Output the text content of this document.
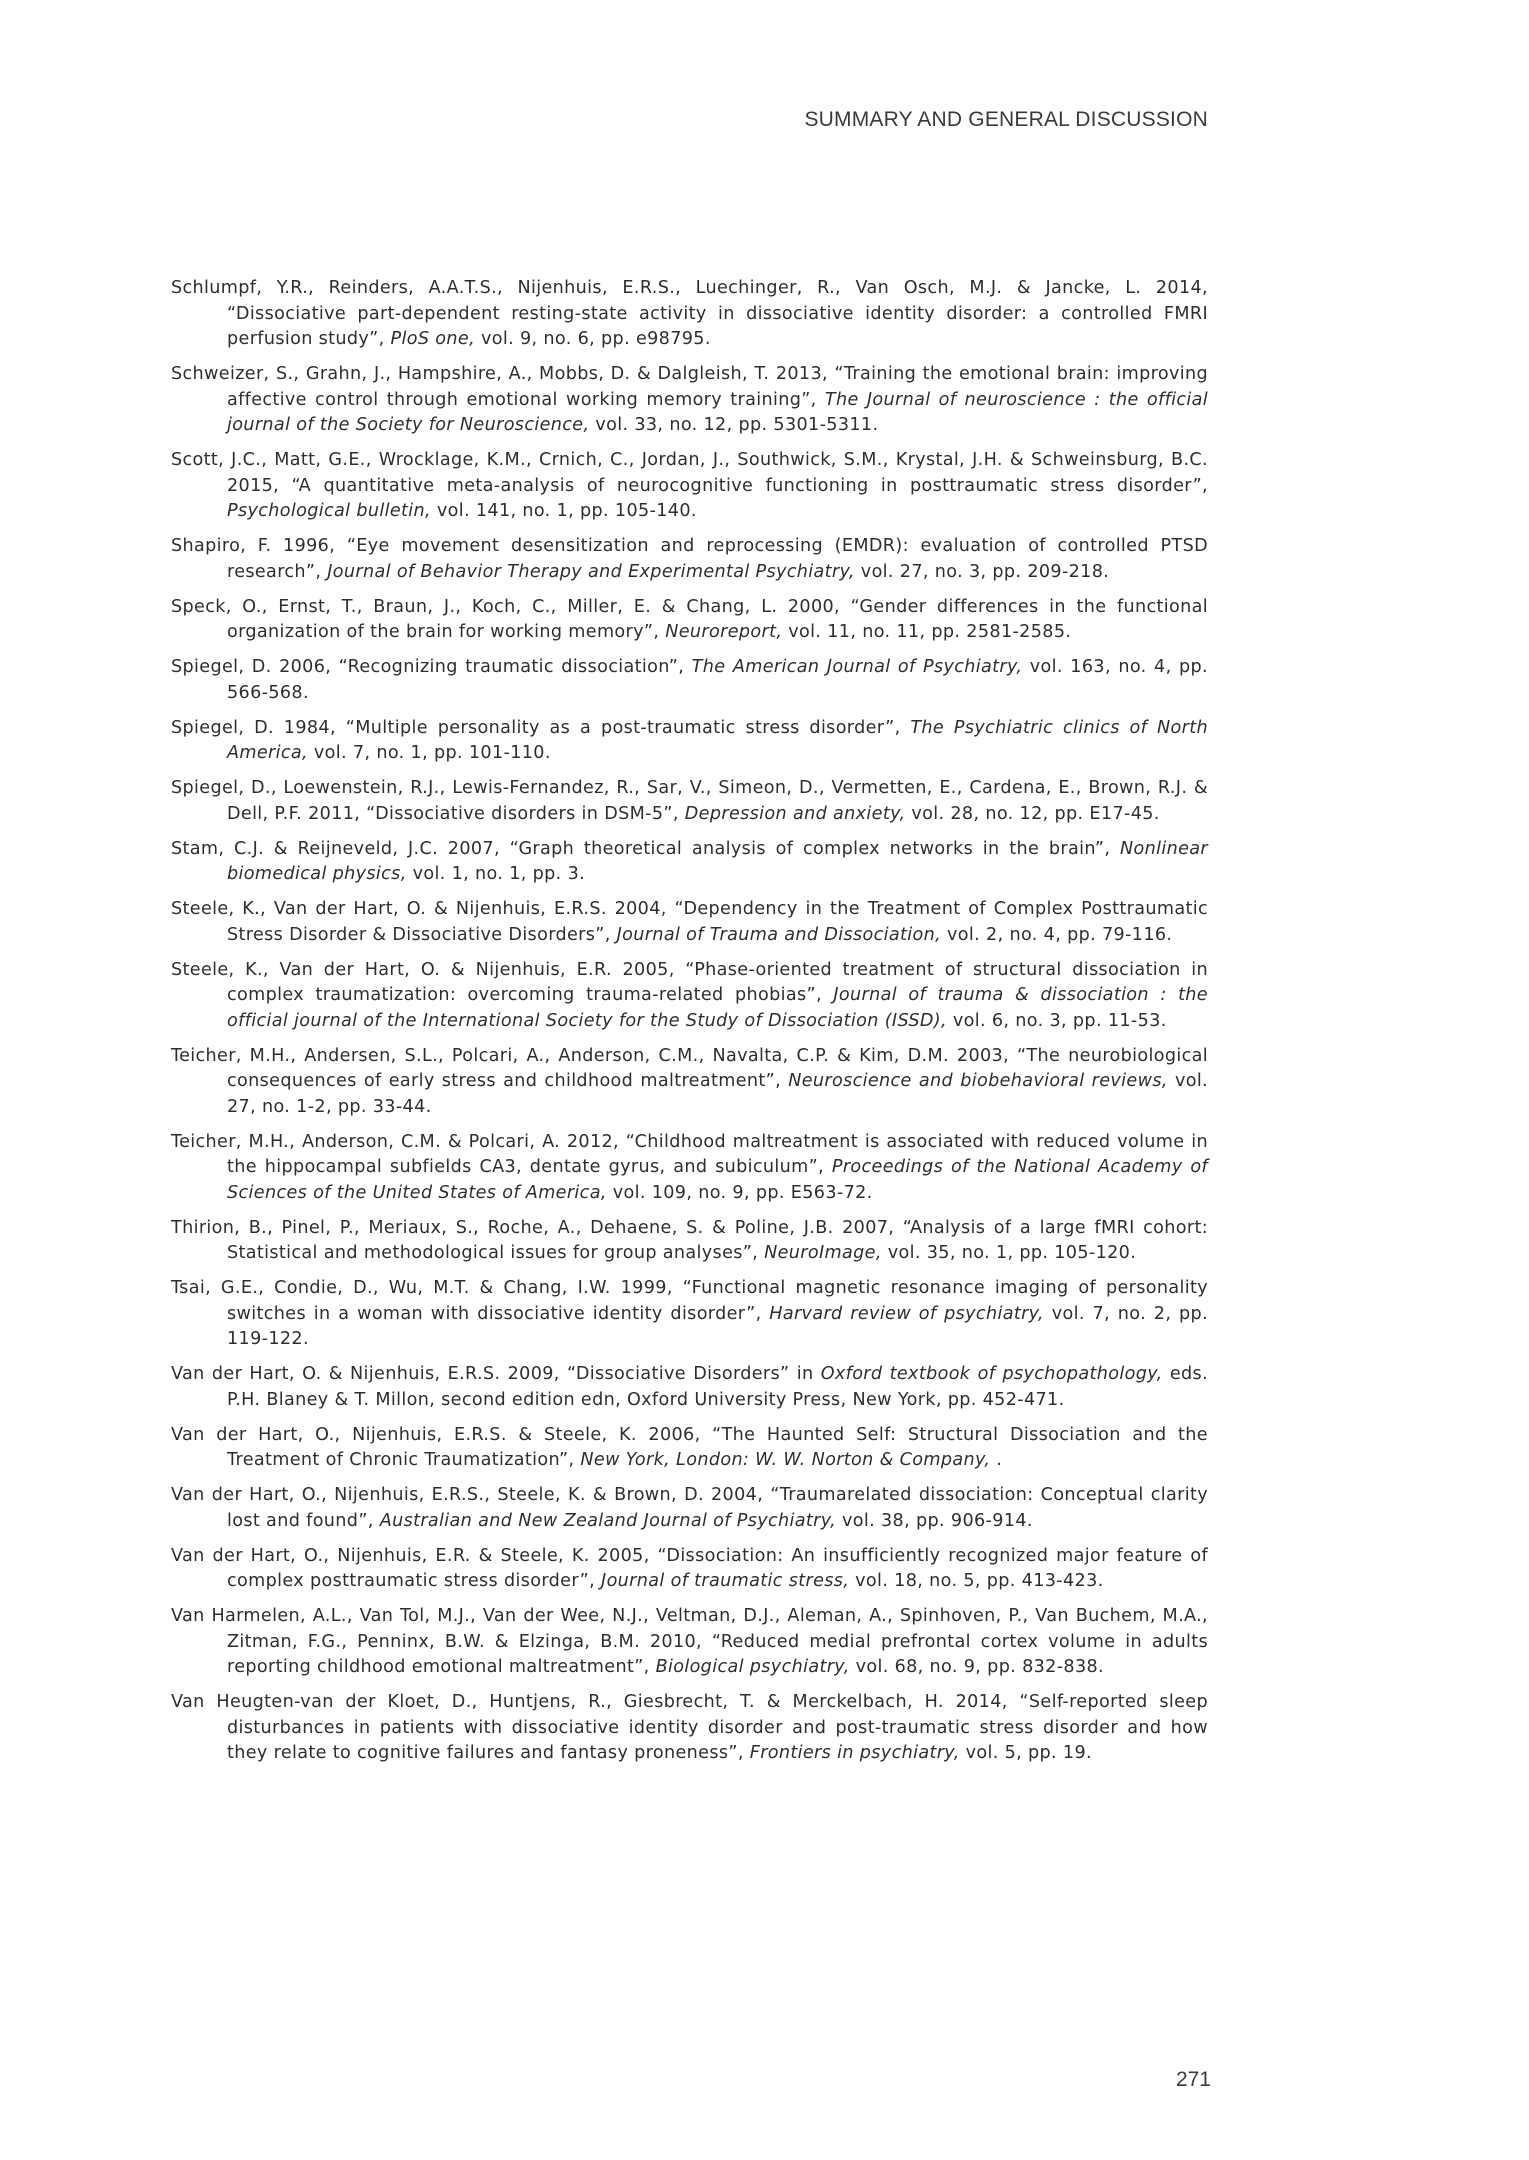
SUMMARY AND GENERAL DISCUSSION
Schlumpf, Y.R., Reinders, A.A.T.S., Nijenhuis, E.R.S., Luechinger, R., Van Osch, M.J. & Jancke, L. 2014, “Dissociative part-dependent resting-state activity in dissociative identity disorder: a controlled FMRI perfusion study”, PloS one, vol. 9, no. 6, pp. e98795.
Schweizer, S., Grahn, J., Hampshire, A., Mobbs, D. & Dalgleish, T. 2013, “Training the emotional brain: improving affective control through emotional working memory training”, The Journal of neuroscience : the official journal of the Society for Neuroscience, vol. 33, no. 12, pp. 5301-5311.
Scott, J.C., Matt, G.E., Wrocklage, K.M., Crnich, C., Jordan, J., Southwick, S.M., Krystal, J.H. & Schweinsburg, B.C. 2015, “A quantitative meta-analysis of neurocognitive functioning in posttraumatic stress disorder”, Psychological bulletin, vol. 141, no. 1, pp. 105-140.
Shapiro, F. 1996, “Eye movement desensitization and reprocessing (EMDR): evaluation of controlled PTSD research”, Journal of Behavior Therapy and Experimental Psychiatry, vol. 27, no. 3, pp. 209-218.
Speck, O., Ernst, T., Braun, J., Koch, C., Miller, E. & Chang, L. 2000, “Gender differences in the functional organization of the brain for working memory”, Neuroreport, vol. 11, no. 11, pp. 2581-2585.
Spiegel, D. 2006, “Recognizing traumatic dissociation”, The American Journal of Psychiatry, vol. 163, no. 4, pp. 566-568.
Spiegel, D. 1984, “Multiple personality as a post-traumatic stress disorder”, The Psychiatric clinics of North America, vol. 7, no. 1, pp. 101-110.
Spiegel, D., Loewenstein, R.J., Lewis-Fernandez, R., Sar, V., Simeon, D., Vermetten, E., Cardena, E., Brown, R.J. & Dell, P.F. 2011, “Dissociative disorders in DSM-5”, Depression and anxiety, vol. 28, no. 12, pp. E17-45.
Stam, C.J. & Reijneveld, J.C. 2007, “Graph theoretical analysis of complex networks in the brain”, Nonlinear biomedical physics, vol. 1, no. 1, pp. 3.
Steele, K., Van der Hart, O. & Nijenhuis, E.R.S. 2004, “Dependency in the Treatment of Complex Posttraumatic Stress Disorder & Dissociative Disorders”, Journal of Trauma and Dissociation, vol. 2, no. 4, pp. 79-116.
Steele, K., Van der Hart, O. & Nijenhuis, E.R. 2005, “Phase-oriented treatment of structural dissociation in complex traumatization: overcoming trauma-related phobias”, Journal of trauma & dissociation : the official journal of the International Society for the Study of Dissociation (ISSD), vol. 6, no. 3, pp. 11-53.
Teicher, M.H., Andersen, S.L., Polcari, A., Anderson, C.M., Navalta, C.P. & Kim, D.M. 2003, “The neurobiological consequences of early stress and childhood maltreatment”, Neuroscience and biobehavioral reviews, vol. 27, no. 1-2, pp. 33-44.
Teicher, M.H., Anderson, C.M. & Polcari, A. 2012, “Childhood maltreatment is associated with reduced volume in the hippocampal subfields CA3, dentate gyrus, and subiculum”, Proceedings of the National Academy of Sciences of the United States of America, vol. 109, no. 9, pp. E563-72.
Thirion, B., Pinel, P., Meriaux, S., Roche, A., Dehaene, S. & Poline, J.B. 2007, “Analysis of a large fMRI cohort: Statistical and methodological issues for group analyses”, NeuroImage, vol. 35, no. 1, pp. 105-120.
Tsai, G.E., Condie, D., Wu, M.T. & Chang, I.W. 1999, “Functional magnetic resonance imaging of personality switches in a woman with dissociative identity disorder”, Harvard review of psychiatry, vol. 7, no. 2, pp. 119-122.
Van der Hart, O. & Nijenhuis, E.R.S. 2009, “Dissociative Disorders” in Oxford textbook of psychopathology, eds. P.H. Blaney & T. Millon, second edition edn, Oxford University Press, New York, pp. 452-471.
Van der Hart, O., Nijenhuis, E.R.S. & Steele, K. 2006, “The Haunted Self: Structural Dissociation and the Treatment of Chronic Traumatization”, New York, London: W. W. Norton & Company, .
Van der Hart, O., Nijenhuis, E.R.S., Steele, K. & Brown, D. 2004, “Traumarelated dissociation: Conceptual clarity lost and found”, Australian and New Zealand Journal of Psychiatry, vol. 38, pp. 906-914.
Van der Hart, O., Nijenhuis, E.R. & Steele, K. 2005, “Dissociation: An insufficiently recognized major feature of complex posttraumatic stress disorder”, Journal of traumatic stress, vol. 18, no. 5, pp. 413-423.
Van Harmelen, A.L., Van Tol, M.J., Van der Wee, N.J., Veltman, D.J., Aleman, A., Spinhoven, P., Van Buchem, M.A., Zitman, F.G., Penninx, B.W. & Elzinga, B.M. 2010, “Reduced medial prefrontal cortex volume in adults reporting childhood emotional maltreatment”, Biological psychiatry, vol. 68, no. 9, pp. 832-838.
Van Heugten-van der Kloet, D., Huntjens, R., Giesbrecht, T. & Merckelbach, H. 2014, “Self-reported sleep disturbances in patients with dissociative identity disorder and post-traumatic stress disorder and how they relate to cognitive failures and fantasy proneness”, Frontiers in psychiatry, vol. 5, pp. 19.
271
